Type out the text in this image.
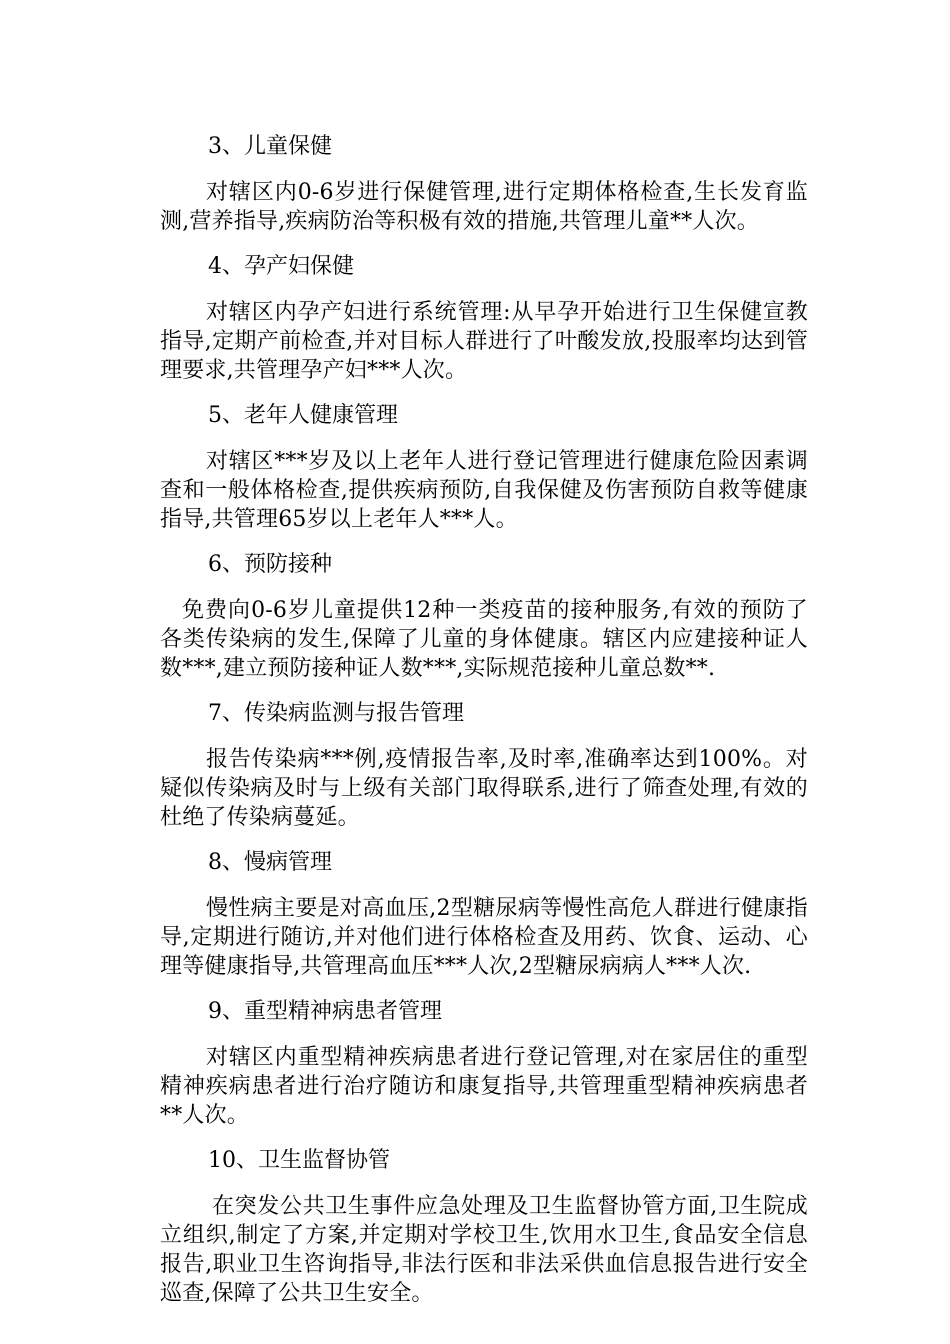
3、儿童保健

对辖区内0-6岁进行保健管理,进行定期体格检查,生长发育监测,营养指导,疾病防治等积极有效的措施,共管理儿童**人次。

4、孕产妇保健

对辖区内孕产妇进行系统管理:从早孕开始进行卫生保健宣教指导,定期产前检查,并对目标人群进行了叶酸发放,投服率均达到管理要求,共管理孕产妇***人次。

5、老年人健康管理

对辖区***岁及以上老年人进行登记管理进行健康危险因素调查和一般体格检查,提供疾病预防,自我保健及伤害预防自救等健康指导,共管理65岁以上老年人***人。

6、预防接种

免费向0-6岁儿童提供12种一类疫苗的接种服务,有效的预防了各类传染病的发生,保障了儿童的身体健康。辖区内应建接种证人数***,建立预防接种证人数***,实际规范接种儿童总数**.

7、传染病监测与报告管理

报告传染病***例,疫情报告率,及时率,准确率达到100%。对疑似传染病及时与上级有关部门取得联系,进行了筛查处理,有效的杜绝了传染病蔓延。

8、慢病管理

慢性病主要是对高血压,2型糖尿病等慢性高危人群进行健康指导,定期进行随访,并对他们进行体格检查及用药、饮食、运动、心理等健康指导,共管理高血压***人次,2型糖尿病病人***人次.

9、重型精神病患者管理

对辖区内重型精神疾病患者进行登记管理,对在家居住的重型精神疾病患者进行治疗随访和康复指导,共管理重型精神疾病患者**人次。

10、卫生监督协管

在突发公共卫生事件应急处理及卫生监督协管方面,卫生院成立组织,制定了方案,并定期对学校卫生,饮用水卫生,食品安全信息报告,职业卫生咨询指导,非法行医和非法采供血信息报告进行安全巡查,保障了公共卫生安全。
